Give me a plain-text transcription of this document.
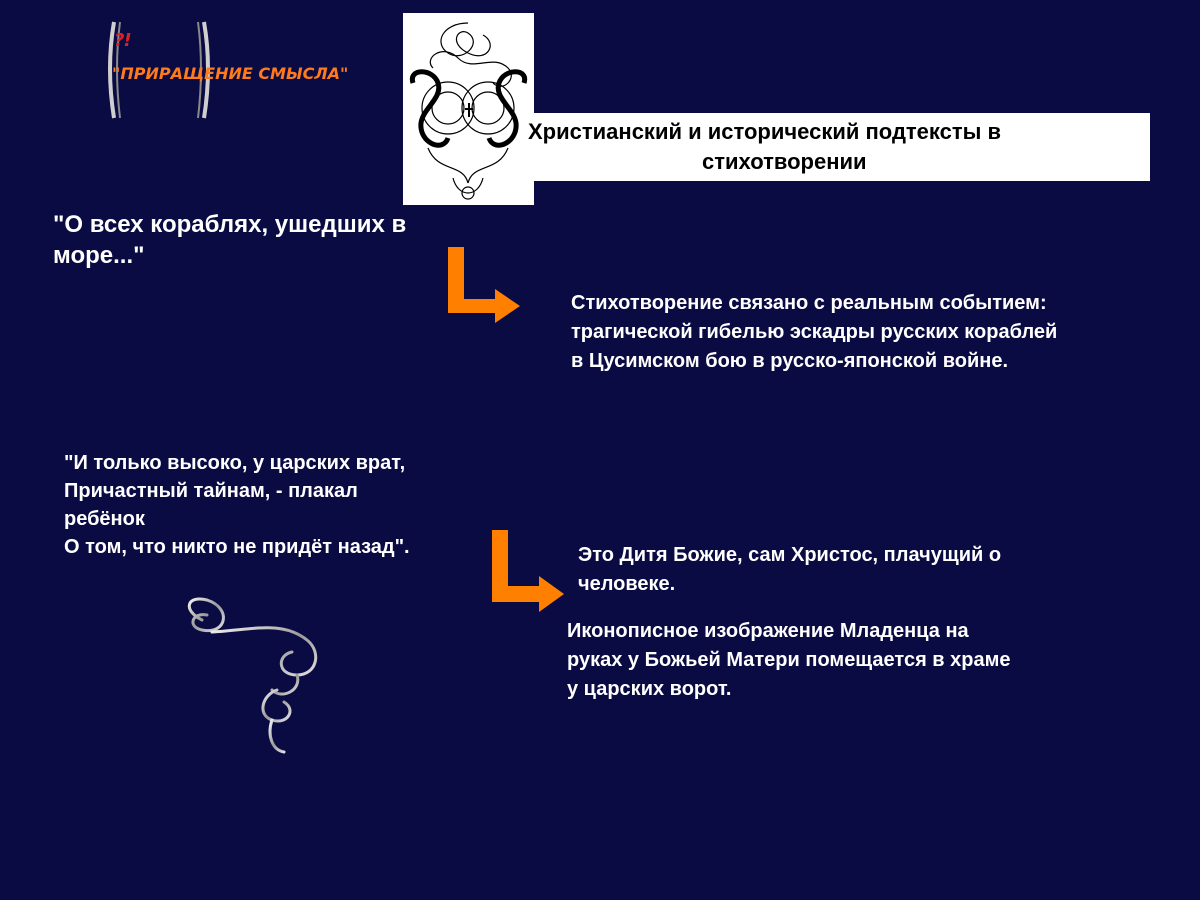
?!
"ПРИРАЩЕНИЕ СМЫСЛА"
Христианский и исторический подтексты в
стихотворении
"О всех кораблях, ушедших в
море..."
Стихотворение связано с реальным событием:
трагической гибелью эскадры русских кораблей
в Цусимском бою в русско-японской войне.
"И только высоко, у царских врат,
Причастный тайнам, - плакал
ребёнок
О том, что никто не придёт назад".	Это Дитя Божие, сам Христос, плачущий о
человеке.
Иконописное изображение Младенца на
руках у Божьей Матери помещается в храме
у царских ворот.
